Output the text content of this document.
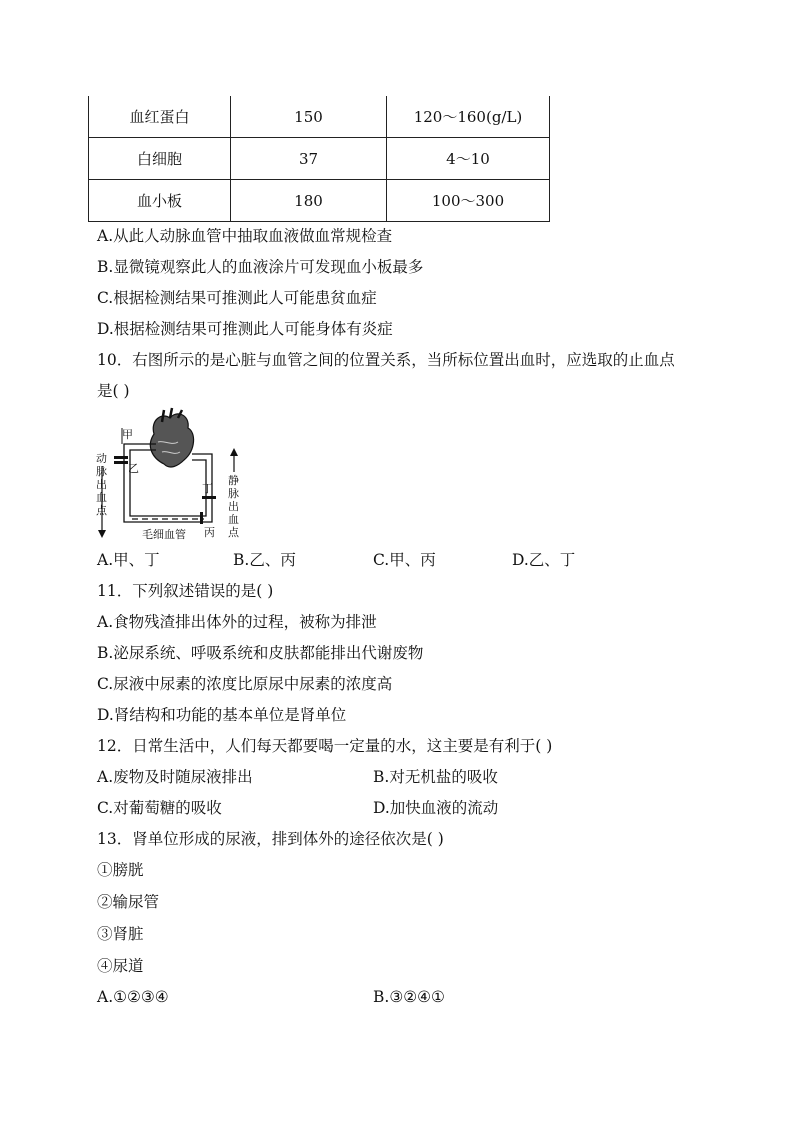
血红蛋白	150	120～160(g/L)
白细胞	37	4～10
血小板	180	100～300
A.从此人动脉血管中抽取血液做血常规检查
B.显微镜观察此人的血液涂片可发现血小板最多
C.根据检测结果可推测此人可能患贫血症
D.根据检测结果可推测此人可能身体有炎症
10．右图所示的是心脏与血管之间的位置关系，当所标位置出血时，应选取的止血点
是( )
甲
乙
丁
丙
毛细血管
动
脉
出
血
点
静
脉
出
血
点
A.甲、丁	B.乙、丙	C.甲、丙	D.乙、丁
11．下列叙述错误的是( )
A.食物残渣排出体外的过程，被称为排泄
B.泌尿系统、呼吸系统和皮肤都能排出代谢废物
C.尿液中尿素的浓度比原尿中尿素的浓度高
D.肾结构和功能的基本单位是肾单位
12．日常生活中，人们每天都要喝一定量的水，这主要是有利于( )
A.废物及时随尿液排出	B.对无机盐的吸收
C.对葡萄糖的吸收	D.加快血液的流动
13．肾单位形成的尿液，排到体外的途径依次是( )
①膀胱
②输尿管
③肾脏
④尿道
A.①②③④	B.③②④①
